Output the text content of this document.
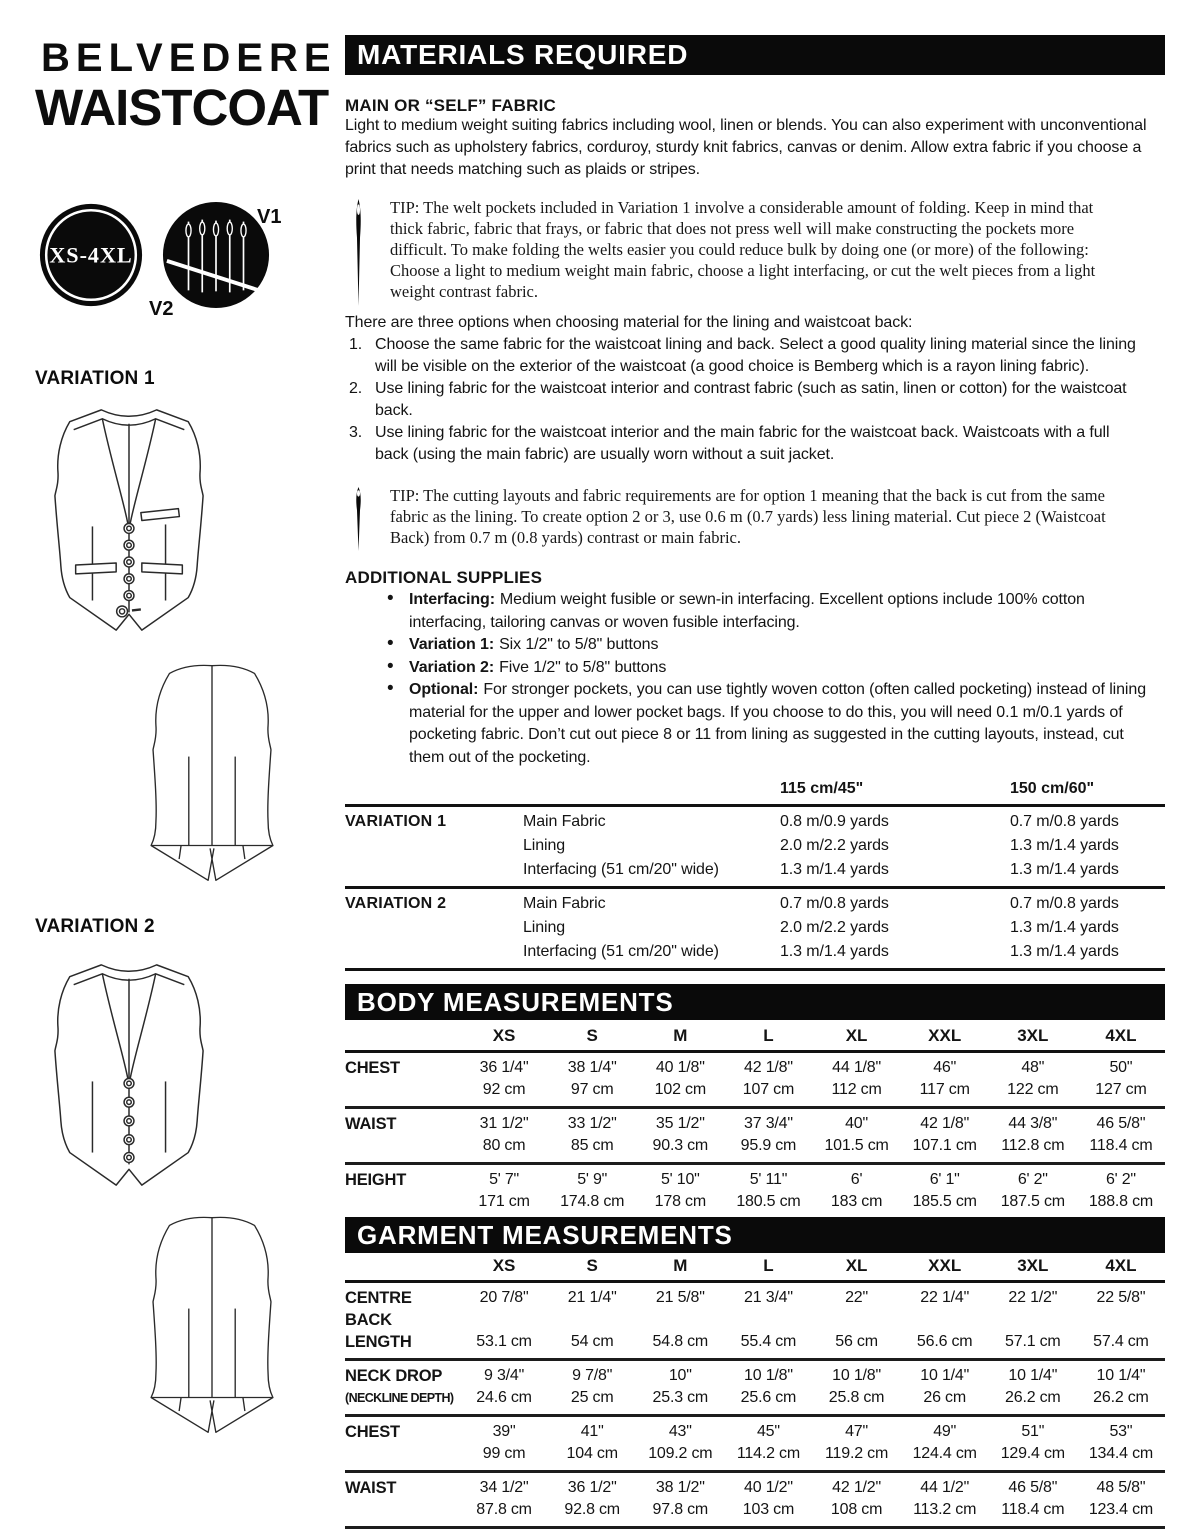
BELVEDERE
WAISTCOAT
XS-4XL
V1
V2
VARIATION 1
VARIATION 2
MATERIALS REQUIRED
MAIN OR “SELF” FABRIC
Light to medium weight suiting fabrics including wool, linen or blends. You can also experiment with unconventional fabrics such as upholstery fabrics, corduroy, sturdy knit fabrics, canvas or denim. Allow extra fabric if you choose a print that needs matching such as plaids or stripes.
TIP: The welt pockets included in Variation 1 involve a considerable amount of folding. Keep in mind that thick fabric, fabric that frays, or fabric that does not press well will make constructing the pockets more difficult. To make folding the welts easier you could reduce bulk by doing one (or more) of the following: Choose a light to medium weight main fabric, choose a light interfacing, or cut the welt pieces from a light weight contrast fabric.
There are three options when choosing material for the lining and waistcoat back:
1. Choose the same fabric for the waistcoat lining and back. Select a good quality lining material since the lining will be visible on the exterior of the waistcoat (a good choice is Bemberg which is a rayon lining fabric).
2. Use lining fabric for the waistcoat interior and contrast fabric (such as satin, linen or cotton) for the waistcoat back.
3. Use lining fabric for the waistcoat interior and the main fabric for the waistcoat back. Waistcoats with a full back (using the main fabric) are usually worn without a suit jacket.
TIP: The cutting layouts and fabric requirements are for option 1 meaning that the back is cut from the same fabric as the lining. To create option 2 or 3, use 0.6 m (0.7 yards) less lining material. Cut piece 2 (Waistcoat Back) from 0.7 m (0.8 yards) contrast or main fabric.
ADDITIONAL SUPPLIES
• Interfacing: Medium weight fusible or sewn-in interfacing. Excellent options include 100% cotton interfacing, tailoring canvas or woven fusible interfacing.
• Variation 1: Six 1/2" to 5/8" buttons
• Variation 2: Five 1/2" to 5/8" buttons
• Optional: For stronger pockets, you can use tightly woven cotton (often called pocketing) instead of lining material for the upper and lower pocket bags. If you choose to do this, you will need 0.1 m/0.1 yards of pocketing fabric. Don’t cut out piece 8 or 11 from lining as suggested in the cutting layouts, instead, cut them out of the pocketing.
115 cm/45"	150 cm/60"
VARIATION 1	Main Fabric	0.8 m/0.9 yards	0.7 m/0.8 yards
Lining	2.0 m/2.2 yards	1.3 m/1.4 yards
Interfacing (51 cm/20" wide)	1.3 m/1.4 yards	1.3 m/1.4 yards
VARIATION 2	Main Fabric	0.7 m/0.8 yards	0.7 m/0.8 yards
Lining	2.0 m/2.2 yards	1.3 m/1.4 yards
Interfacing (51 cm/20" wide)	1.3 m/1.4 yards	1.3 m/1.4 yards
BODY MEASUREMENTS
XS	S	M	L	XL	XXL	3XL	4XL
CHEST	36 1/4"	38 1/4"	40 1/8"	42 1/8"	44 1/8"	46"	48"	50"
92 cm	97 cm	102 cm	107 cm	112 cm	117 cm	122 cm	127 cm
WAIST	31 1/2"	33 1/2"	35 1/2"	37 3/4"	40"	42 1/8"	44 3/8"	46 5/8"
80 cm	85 cm	90.3 cm	95.9 cm	101.5 cm	107.1 cm	112.8 cm	118.4 cm
HEIGHT	5' 7"	5' 9"	5' 10"	5' 11"	6'	6' 1"	6' 2"	6' 2"
171 cm	174.8 cm	178 cm	180.5 cm	183 cm	185.5 cm	187.5 cm	188.8 cm
GARMENT MEASUREMENTS
XS	S	M	L	XL	XXL	3XL	4XL
CENTRE BACK
20 7/8"	21 1/4"	21 5/8"	21 3/4"	22"	22 1/4"	22 1/2"	22 5/8"
LENGTH	53.1 cm	54 cm	54.8 cm	55.4 cm	56 cm	56.6 cm	57.1 cm	57.4 cm
NECK DROP	9 3/4"	9 7/8"	10"	10 1/8"	10 1/8"	10 1/4"	10 1/4"	10 1/4"
(NECKLINE DEPTH)	24.6 cm	25 cm	25.3 cm	25.6 cm	25.8 cm	26 cm	26.2 cm	26.2 cm
CHEST	39"	41"	43"	45"	47"	49"	51"	53"
99 cm	104 cm	109.2 cm	114.2 cm	119.2 cm	124.4 cm	129.4 cm	134.4 cm
WAIST	34 1/2"	36 1/2"	38 1/2"	40 1/2"	42 1/2"	44 1/2"	46 5/8"	48 5/8"
87.8 cm	92.8 cm	97.8 cm	103 cm	108 cm	113.2 cm	118.4 cm	123.4 cm
